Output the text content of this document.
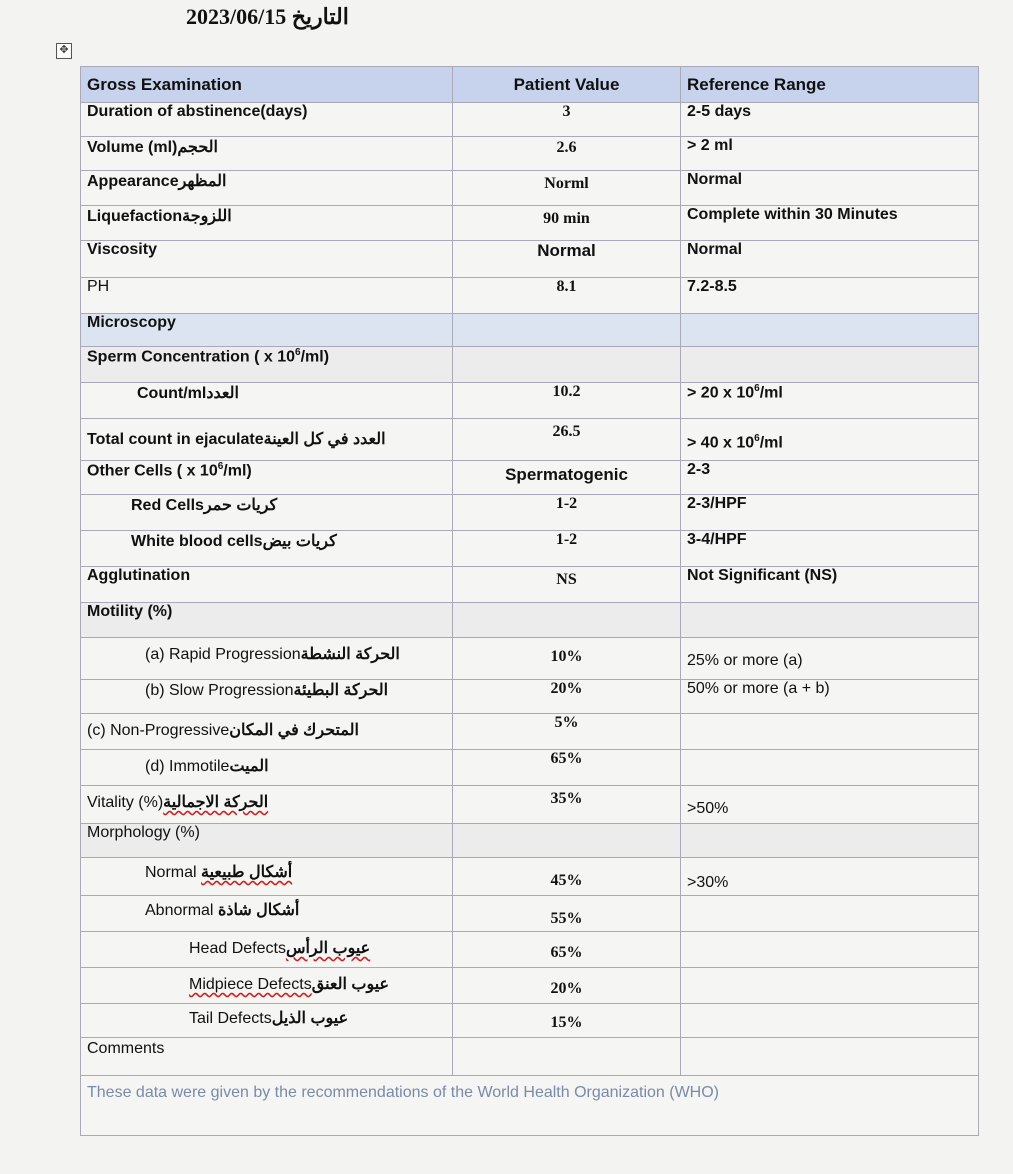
2023/06/15 التاريخ
✥
Gross Examination	Patient Value	Reference Range
Duration of abstinence(days)	3	2-5 days
Volume (ml)الحجم	2.6	> 2 ml
Appearanceالمظهر	Norml	Normal
Liquefactionاللزوجة	90 min	Complete within 30 Minutes
Viscosity	Normal	Normal
PH	8.1	7.2-8.5
Microscopy		
Sperm Concentration ( x $10^6/ml$)		
Count/mlالعدد	10.2	> 20 x $10^6/ml$
Total count in ejaculateالعدد في كل العينة	26.5	> 40 x $10^6/ml$
Other Cells ( x $10^6/ml$)	Spermatogenic	2-3
Red Cellsكريات حمر	1-2	2-3/HPF
White blood cellsكريات بيض	1-2	3-4/HPF
Agglutination	NS	Not Significant (NS)
Motility (%)		
(a) Rapid Progressionالحركة النشطة	10%	25% or more (a)
(b) Slow Progressionالحركة البطيئة	20%	50% or more (a + b)
(c) Non-Progressiveالمتحرك في المكان	5%	
(d) Immotileالميت	65%	
Vitality (%)الحركة الاجمالية	35%	>50%
Morphology (%)		
Normal أشكال طبيعية	45%	>30%
Abnormal أشكال شاذة	55%	
Head Defectsعيوب الرأس	65%	
Midpiece Defectsعيوب العنق	20%	
Tail Defectsعيوب الذيل	15%	
Comments		
These data were given by the recommendations of the World Health Organization (WHO)		
